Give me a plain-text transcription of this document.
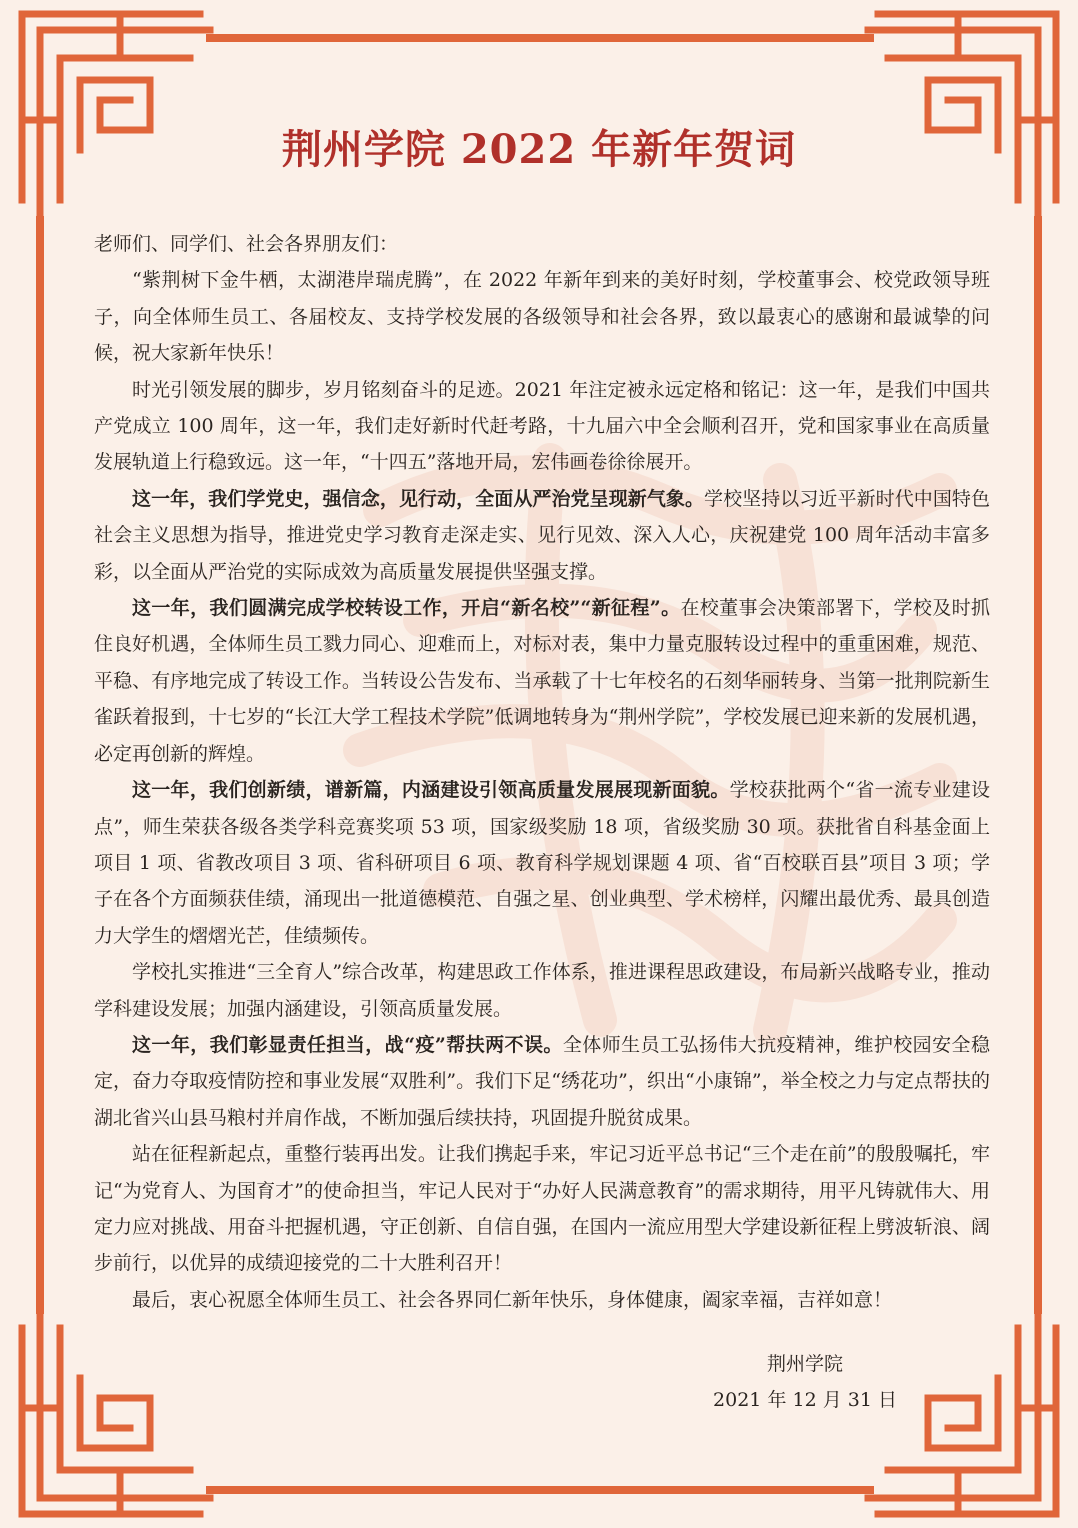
荆州学院 2022 年新年贺词

老师们、同学们、社会各界朋友们：

“紫荆树下金牛栖，太湖港岸瑞虎腾”，在 2022 年新年到来的美好时刻，学校董事会、校党政领导班子，向全体师生员工、各届校友、支持学校发展的各级领导和社会各界，致以最衷心的感谢和最诚挚的问候，祝大家新年快乐！

时光引领发展的脚步，岁月铭刻奋斗的足迹。2021 年注定被永远定格和铭记：这一年，是我们中国共产党成立 100 周年，这一年，我们走好新时代赶考路，十九届六中全会顺利召开，党和国家事业在高质量发展轨道上行稳致远。这一年，“十四五”落地开局，宏伟画卷徐徐展开。

这一年，我们学党史，强信念，见行动，全面从严治党呈现新气象。学校坚持以习近平新时代中国特色社会主义思想为指导，推进党史学习教育走深走实、见行见效、深入人心，庆祝建党 100 周年活动丰富多彩，以全面从严治党的实际成效为高质量发展提供坚强支撑。

这一年，我们圆满完成学校转设工作，开启“新名校”“新征程”。在校董事会决策部署下，学校及时抓住良好机遇，全体师生员工戮力同心、迎难而上，对标对表，集中力量克服转设过程中的重重困难，规范、平稳、有序地完成了转设工作。当转设公告发布、当承载了十七年校名的石刻华丽转身、当第一批荆院新生雀跃着报到，十七岁的“长江大学工程技术学院”低调地转身为“荆州学院”，学校发展已迎来新的发展机遇，必定再创新的辉煌。

这一年，我们创新绩，谱新篇，内涵建设引领高质量发展展现新面貌。学校获批两个“省一流专业建设点”，师生荣获各级各类学科竞赛奖项 53 项，国家级奖励 18 项，省级奖励 30 项。获批省自科基金面上项目 1 项、省教改项目 3 项、省科研项目 6 项、教育科学规划课题 4 项、省“百校联百县”项目 3 项；学子在各个方面频获佳绩，涌现出一批道德模范、自强之星、创业典型、学术榜样，闪耀出最优秀、最具创造力大学生的熠熠光芒，佳绩频传。

学校扎实推进“三全育人”综合改革，构建思政工作体系，推进课程思政建设，布局新兴战略专业，推动学科建设发展；加强内涵建设，引领高质量发展。

这一年，我们彰显责任担当，战“疫”帮扶两不误。全体师生员工弘扬伟大抗疫精神，维护校园安全稳定，奋力夺取疫情防控和事业发展“双胜利”。我们下足“绣花功”，织出“小康锦”，举全校之力与定点帮扶的湖北省兴山县马粮村并肩作战，不断加强后续扶持，巩固提升脱贫成果。

站在征程新起点，重整行装再出发。让我们携起手来，牢记习近平总书记“三个走在前”的殷殷嘱托，牢记“为党育人、为国育才”的使命担当，牢记人民对于“办好人民满意教育”的需求期待，用平凡铸就伟大、用定力应对挑战、用奋斗把握机遇，守正创新、自信自强，在国内一流应用型大学建设新征程上劈波斩浪、阔步前行，以优异的成绩迎接党的二十大胜利召开！

最后，衷心祝愿全体师生员工、社会各界同仁新年快乐，身体健康，阖家幸福，吉祥如意！

荆州学院
2021 年 12 月 31 日
